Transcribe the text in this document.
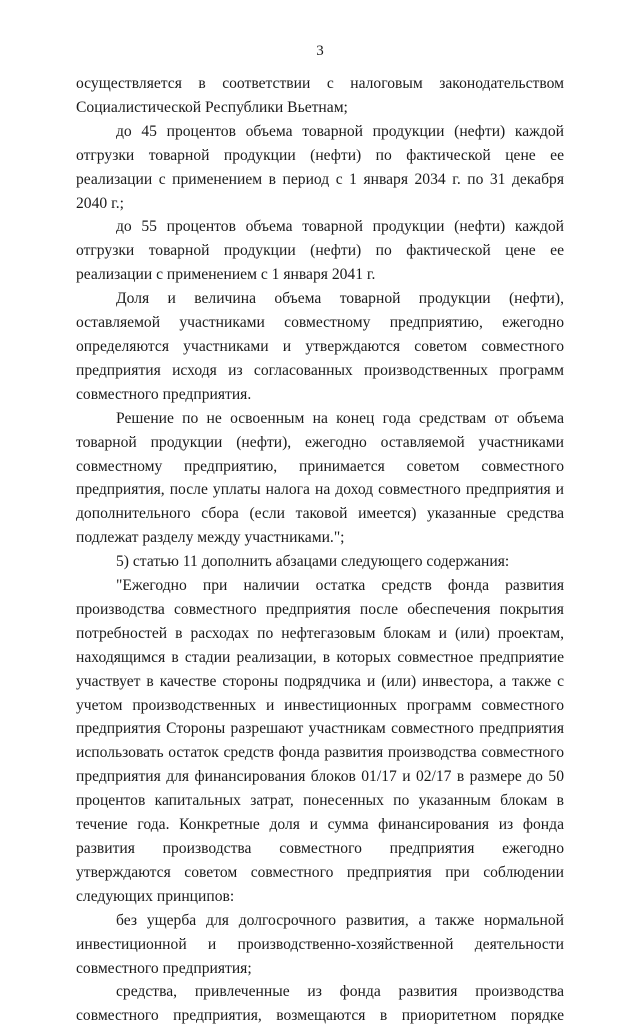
3

осуществляется в соответствии с налоговым законодательством Социалистической Республики Вьетнам;

до 45 процентов объема товарной продукции (нефти) каждой отгрузки товарной продукции (нефти) по фактической цене ее реализации с применением в период с 1 января 2034 г. по 31 декабря 2040 г.;

до 55 процентов объема товарной продукции (нефти) каждой отгрузки товарной продукции (нефти) по фактической цене ее реализации с применением с 1 января 2041 г.

Доля и величина объема товарной продукции (нефти), оставляемой участниками совместному предприятию, ежегодно определяются участниками и утверждаются советом совместного предприятия исходя из согласованных производственных программ совместного предприятия.

Решение по не освоенным на конец года средствам от объема товарной продукции (нефти), ежегодно оставляемой участниками совместному предприятию, принимается советом совместного предприятия, после уплаты налога на доход совместного предприятия и дополнительного сбора (если таковой имеется) указанные средства подлежат разделу между участниками.";

5) статью 11 дополнить абзацами следующего содержания:

"Ежегодно при наличии остатка средств фонда развития производства совместного предприятия после обеспечения покрытия потребностей в расходах по нефтегазовым блокам и (или) проектам, находящимся в стадии реализации, в которых совместное предприятие участвует в качестве стороны подрядчика и (или) инвестора, а также с учетом производственных и инвестиционных программ совместного предприятия Стороны разрешают участникам совместного предприятия использовать остаток средств фонда развития производства совместного предприятия для финансирования блоков 01/17 и 02/17 в размере до 50 процентов капитальных затрат, понесенных по указанным блокам в течение года. Конкретные доля и сумма финансирования из фонда развития производства совместного предприятия ежегодно утверждаются советом совместного предприятия при соблюдении следующих принципов:

без ущерба для долгосрочного развития, а также нормальной инвестиционной и производственно-хозяйственной деятельности совместного предприятия;

средства, привлеченные из фонда развития производства совместного предприятия, возмещаются в приоритетном порядке
